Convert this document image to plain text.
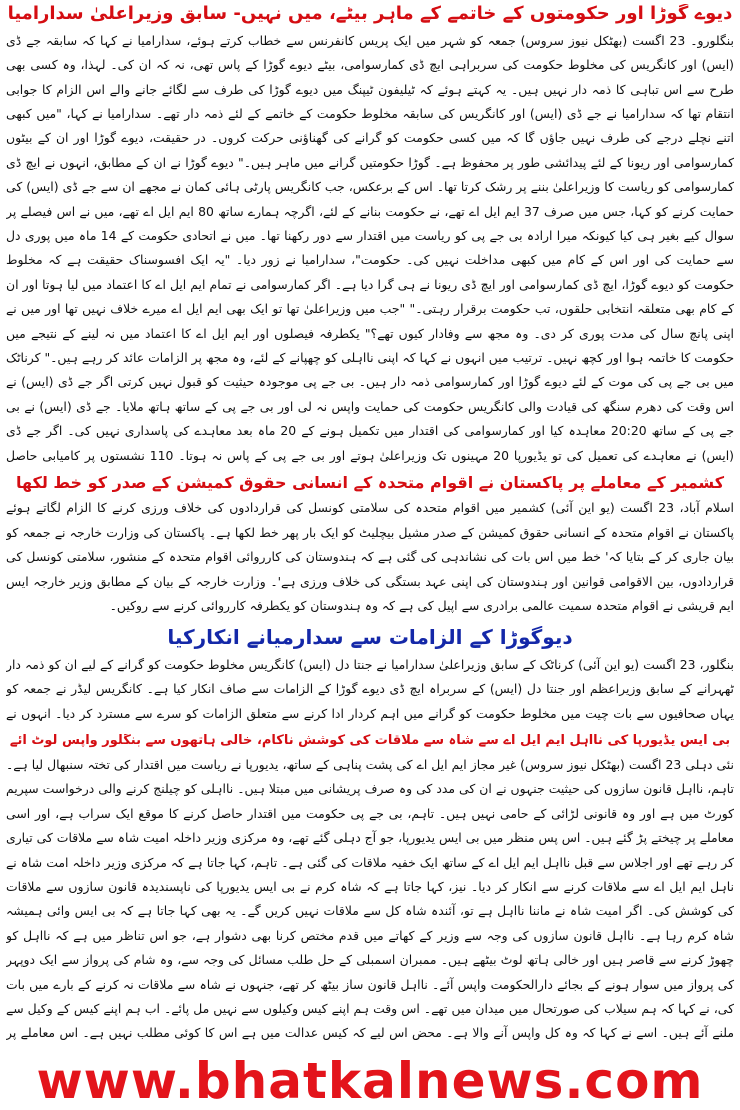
دیوے گوڑا اور حکومتوں کے خاتمے کے ماہر بیٹے، میں نہیں- سابق وزیراعلیٰ سدارامیا
بنگلورو۔ 23 اگست (بھٹکل نیوز سروس) جمعہ کو شہر میں ایک پریس کانفرنس سے خطاب کرتے ہوئے، سدارامیا نے کہا کہ سابقہ جے ڈی (ایس) اور کانگریس کی مخلوط حکومت کی سربراہی ایچ ڈی کمارسوامی، بیٹے دیوے گوڑا کے پاس تھی، نہ کہ ان کی۔ لہذا، وہ کسی بھی طرح سے اس تباہی کا ذمہ دار نہیں ہیں۔ یہ کہتے ہوئے کہ ٹیلیفون ٹیپنگ میں دیوے گوڑا کی طرف سے لگائے جانے والے اس الزام کا جوابی انتقام تھا کہ سدارامیا نے جے ڈی (ایس) اور کانگریس کی سابقہ مخلوط حکومت کے خاتمے کے لئے ذمہ دار تھے۔ سدارامیا نے کہا، "میں کبھی اتنے نچلے درجے کی طرف نہیں جاؤں گا کہ میں کسی حکومت کو گرانے کی گھناؤنی حرکت کروں۔ در حقیقت، دیوے گوڑا اور ان کے بیٹوں کمارسوامی اور ریونا کے لئے پیدائشی طور پر محفوظ ہے۔ گوڑا حکومتیں گرانے میں ماہر ہیں۔" دیوے گوڑا نے ان کے مطابق، انہوں نے ایچ ڈی کمارسوامی کو ریاست کا وزیراعلیٰ بننے پر رشک کرتا تھا۔ اس کے برعکس، جب کانگریس پارٹی ہائی کمان نے مجھے ان سے جے ڈی (ایس) کی حمایت کرنے کو کہا، جس میں صرف 37 ایم ایل اے تھے، نے حکومت بنانے کے لئے، اگرچہ ہمارے ساتھ 80 ایم ایل اے تھے، میں نے اس فیصلے پر سوال کیے بغیر ہی کیا کیونکہ میرا ارادہ بی جے پی کو ریاست میں اقتدار سے دور رکھنا تھا۔ میں نے اتحادی حکومت کے 14 ماہ میں پوری دل سے حمایت کی اور اس کے کام میں کبھی مداخلت نہیں کی۔ حکومت"، سدارامیا نے زور دیا۔ "یہ ایک افسوسناک حقیقت ہے کہ مخلوط حکومت کو دیوے گوڑا، ایچ ڈی کمارسوامی اور ایچ ڈی ریونا نے ہی گرا دیا ہے۔ اگر کمارسوامی نے تمام ایم ایل اے کا اعتماد میں لیا ہوتا اور ان کے کام بھی متعلقہ انتخابی حلقوں، تب حکومت برقرار رہتی۔" "جب میں وزیراعلیٰ تھا تو ایک بھی ایم ایل اے میرے خلاف نہیں تھا اور میں نے اپنی پانچ سال کی مدت پوری کر دی۔ وہ مجھ سے وفادار کیوں تھے؟" یکطرفہ فیصلوں اور ایم ایل اے کا اعتماد میں نہ لینے کے نتیجے میں حکومت کا خاتمہ ہوا اور کچھ نہیں۔ ترتیب میں انہوں نے کہا کہ اپنی نااہلی کو چھپانے کے لئے، وہ مجھ پر الزامات عائد کر رہے ہیں۔" کرناٹک میں بی جے پی کی موت کے لئے دیوے گوڑا اور کمارسوامی ذمہ دار ہیں۔ بی جے پی موجودہ حیثیت کو قبول نہیں کرتی اگر جے ڈی (ایس) نے اس وقت کی دھرم سنگھ کی قیادت والی کانگریس حکومت کی حمایت واپس نہ لی اور بی جے پی کے ساتھ ہاتھ ملایا۔ جے ڈی (ایس) نے بی جے پی کے ساتھ 20:20 معاہدہ کیا اور کمارسوامی کی اقتدار میں تکمیل ہونے کے 20 ماہ بعد معاہدے کی پاسداری نہیں کی۔ اگر جے ڈی (ایس) نے معاہدے کی تعمیل کی تو یڈیورپا 20 مہینوں تک وزیراعلیٰ ہوتے اور بی جے پی کے پاس نہ ہوتا۔ 110 نشستوں پر کامیابی حاصل
کشمیر کے معاملے پر پاکستان نے اقوام متحدہ کے انسانی حقوق کمیشن کے صدر کو خط لکھا
اسلام آباد، 23 اگست (یو این آئی) کشمیر میں اقوام متحدہ کی سلامتی کونسل کی قراردادوں کی خلاف ورزی کرنے کا الزام لگاتے ہوئے پاکستان نے اقوام متحدہ کے انسانی حقوق کمیشن کے صدر مشیل بیچلیٹ کو ایک بار پھر خط لکھا ہے۔ پاکستان کی وزارت خارجہ نے جمعہ کو بیان جاری کر کے بتایا کہ' خط میں اس بات کی نشاندہی کی گئی ہے کہ ہندوستان کی کارروائی اقوام متحدہ کے منشور، سلامتی کونسل کی قراردادوں، بین الاقوامی قوانین اور ہندوستان کی اپنی عہد بستگی کی خلاف ورزی ہے'۔ وزارت خارجہ کے بیان کے مطابق وزیر خارجہ ایس ایم قریشی نے اقوام متحدہ سمیت عالمی برادری سے اپیل کی ہے کہ وہ ہندوستان کو یکطرفہ کارروائی کرنے سے روکیں۔
دیوگوڑا کے الزامات سے سدارمیانے انکارکیا
بنگلور، 23 اگست (یو این آئی) کرناٹک کے سابق وزیراعلیٰ سدارامیا نے جنتا دل (ایس) کانگریس مخلوط حکومت کو گرانے کے لیے ان کو ذمہ دار ٹھہرانے کے سابق وزیراعظم اور جنتا دل (ایس) کے سربراہ ایچ ڈی دیوے گوڑا کے الزامات سے صاف انکار کیا ہے۔ کانگریس لیڈر نے جمعہ کو یہاں صحافیوں سے بات چیت میں مخلوط حکومت کو گرانے میں اہم کردار ادا کرنے سے متعلق الزامات کو سرے سے مسترد کر دیا۔ انہوں نے
بی ایس یڈیورپا کی نااہل ایم ایل اے سے شاہ سے ملاقات کی کوشش ناکام، خالی ہاتھوں سے بنگلور واپس لوٹ آئے
نئی دہلی 23 اگست (بھٹکل نیوز سروس) غیر مجاز ایم ایل اے کی پشت پناہی کے ساتھ، یدیورپا نے ریاست میں اقتدار کی تختہ سنبھال لیا ہے۔ تاہم، نااہل قانون سازوں کی حیثیت جنہوں نے ان کی مدد کی وہ صرف پریشانی میں مبتلا ہیں۔ نااہلی کو چیلنج کرنے والی درخواست سپریم کورٹ میں ہے اور وہ قانونی لڑائی کے حامی نہیں ہیں۔ تاہم، بی جے پی حکومت میں اقتدار حاصل کرنے کا موقع ایک سراب ہے، اور اسی معاملے پر چیختے پڑ گئے ہیں۔ اس پس منظر میں بی ایس یدیورپا، جو آج دہلی گئے تھے، وہ مرکزی وزیر داخلہ امیت شاہ سے ملاقات کی تیاری کر رہے تھے اور اجلاس سے قبل نااہل ایم ایل اے کے ساتھ ایک خفیہ ملاقات کی گئی ہے۔ تاہم، کہا جاتا ہے کہ مرکزی وزیر داخلہ امت شاہ نے ناہل ایم ایل اے سے ملاقات کرنے سے انکار کر دیا۔ نیز، کہا جاتا ہے کہ شاہ کرم نے بی ایس یدیورپا کی ناپسندیدہ قانون سازوں سے ملاقات کی کوشش کی۔ اگر امیت شاہ نے ماننا نااہل ہے تو، آئندہ شاہ کل سے ملاقات نہیں کریں گے۔ یہ بھی کہا جاتا ہے کہ بی ایس وائی ہمیشہ شاہ کرم رہا ہے۔ نااہل قانون سازوں کی وجہ سے وزیر کے کھاتے میں قدم مختص کرنا بھی دشوار ہے، جو اس تناظر میں ہے کہ نااہل کو چھوڑ کرنے سے قاصر ہیں اور خالی ہاتھ لوٹ بیٹھے ہیں۔ ممبران اسمبلی کے حل طلب مسائل کی وجہ سے، وہ شام کی پرواز سے ایک دوپہر کی پرواز میں سوار ہونے کے بجائے دارالحکومت واپس آئے۔ نااہل قانون ساز بیٹھ کر تھے، جنہوں نے شاہ سے ملاقات نہ کرنے کے بارے میں بات کی، نے کہا کہ ہم سیلاب کی صورتحال میں میدان میں تھے۔ اس وقت ہم اپنے کیس وکیلوں سے نہیں مل پائے۔ اب ہم اپنے کیس کے وکیل سے ملنے آئے ہیں۔ اسے نے کہا کہ وہ کل واپس آنے والا ہے۔ محض اس لیے کہ کیس عدالت میں ہے اس کا کوئی مطلب نہیں ہے۔ اس معاملے پر
www.bhatkalnews.com
